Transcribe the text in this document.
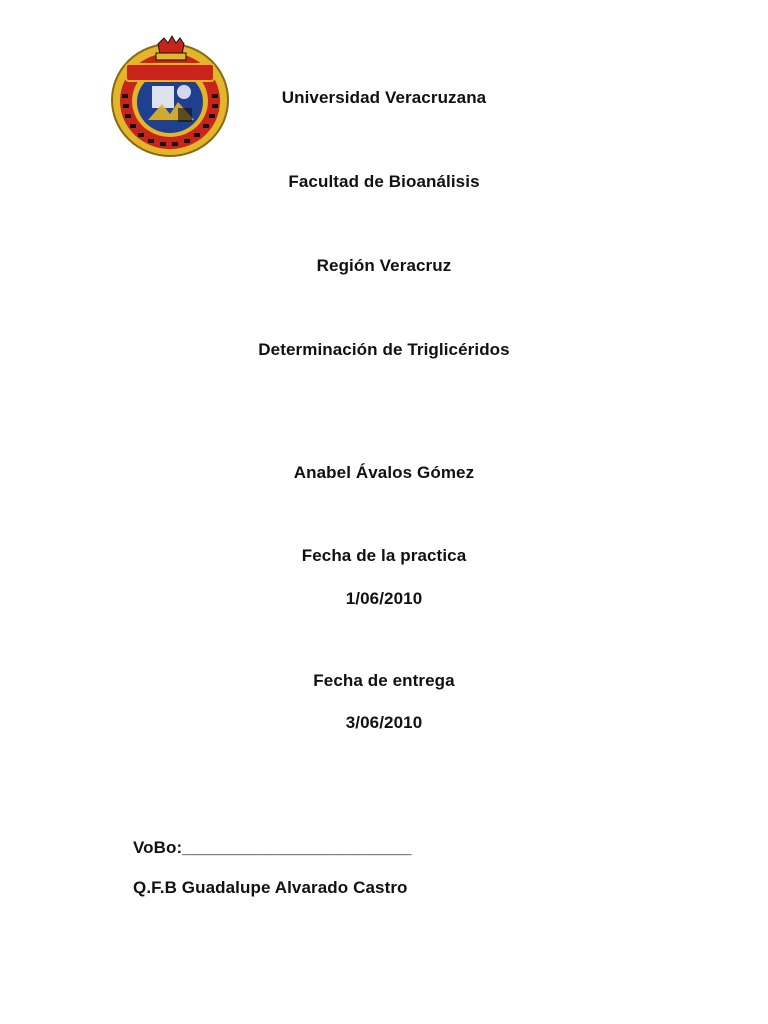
Universidad Veracruzana
Facultad de Bioanálisis
Región Veracruz
Determinación de Triglicéridos
Anabel Ávalos Gómez
Fecha de la practica
1/06/2010
Fecha de entrega
3/06/2010
VoBo:________________________
Q.F.B Guadalupe Alvarado Castro
